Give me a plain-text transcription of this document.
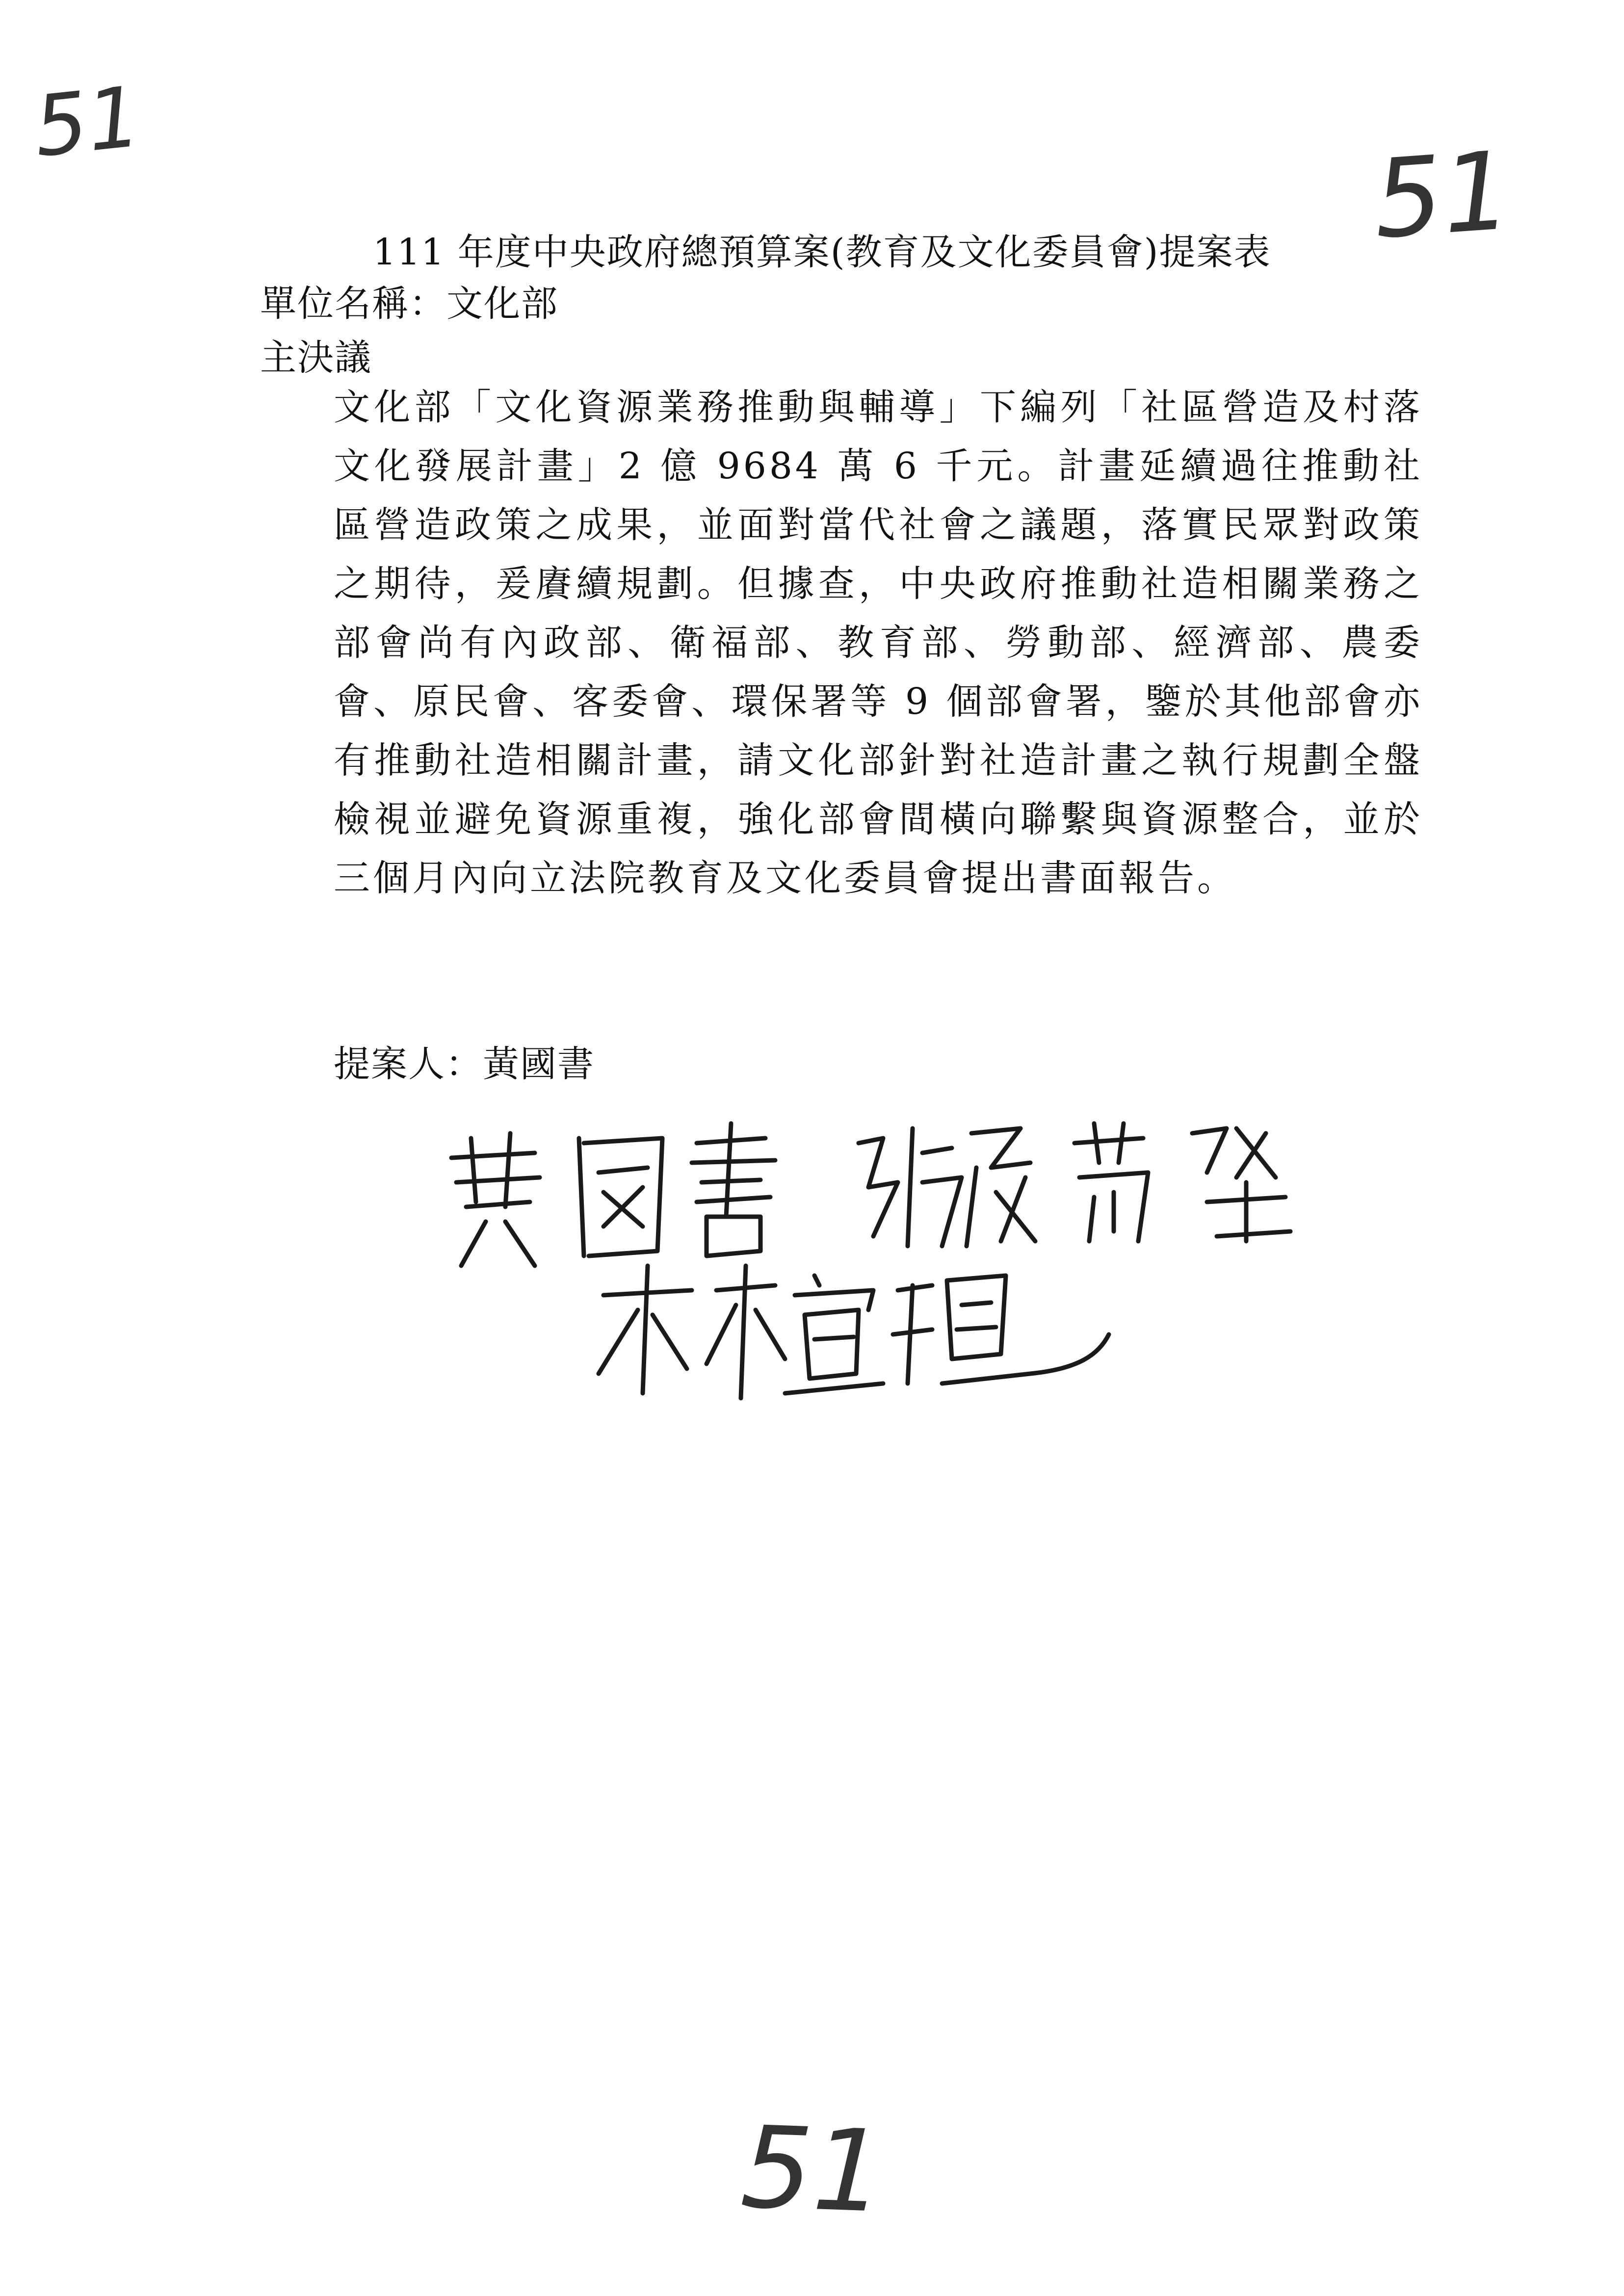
51
51
111 年度中央政府總預算案(教育及文化委員會)提案表
單位名稱：文化部
主決議

文化部「文化資源業務推動與輔導」下編列「社區營造及村落文化發展計畫」2 億 9684 萬 6 千元。計畫延續過往推動社區營造政策之成果，並面對當代社會之議題，落實民眾對政策之期待，爰賡續規劃。但據查，中央政府推動社造相關業務之部會尚有內政部、衛福部、教育部、勞動部、經濟部、農委會、原民會、客委會、環保署等 9 個部會署，鑒於其他部會亦有推動社造相關計畫，請文化部針對社造計畫之執行規劃全盤檢視並避免資源重複，強化部會間橫向聯繫與資源整合，並於三個月內向立法院教育及文化委員會提出書面報告。

提案人：黃國書
51
